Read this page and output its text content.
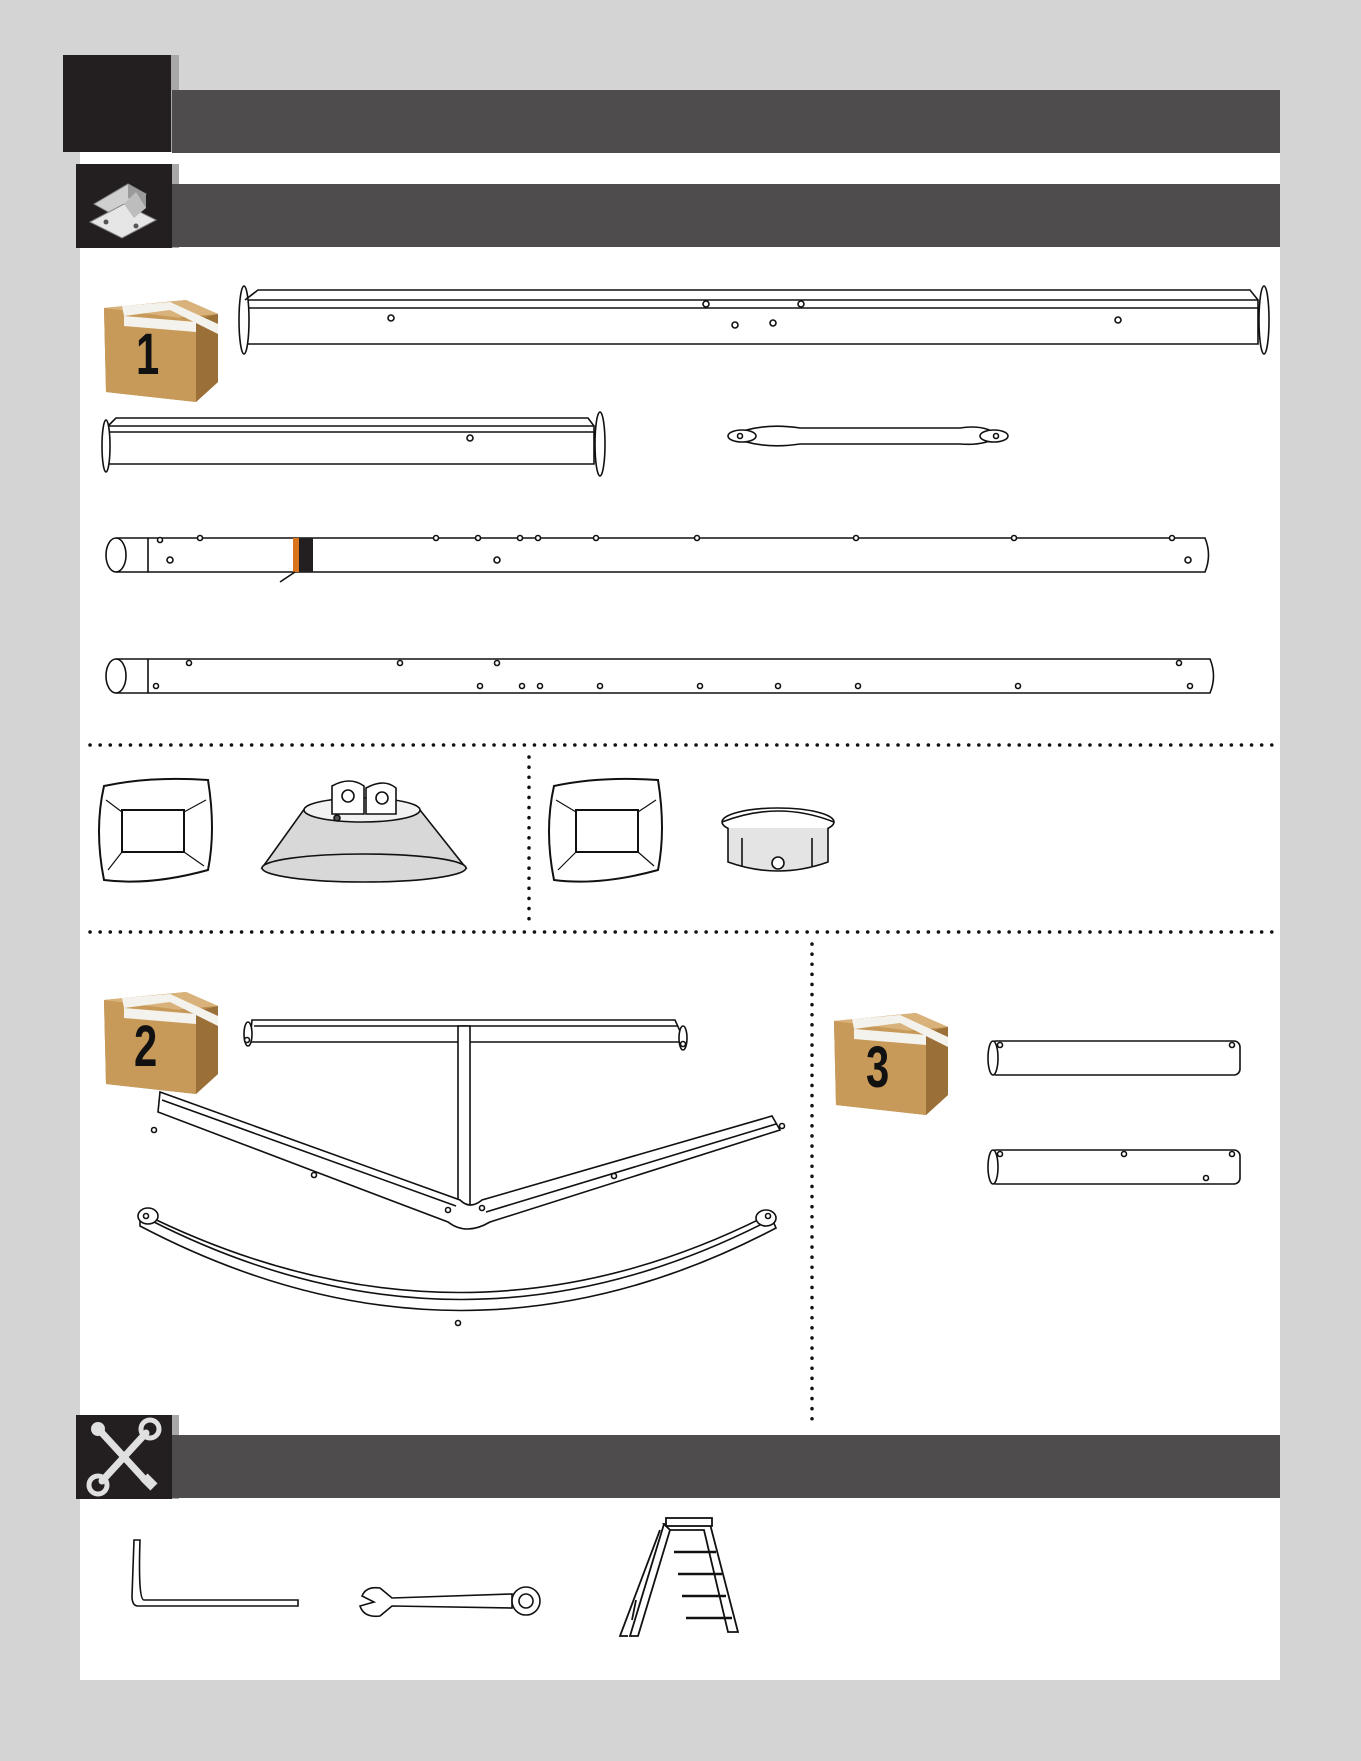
1
2	3
